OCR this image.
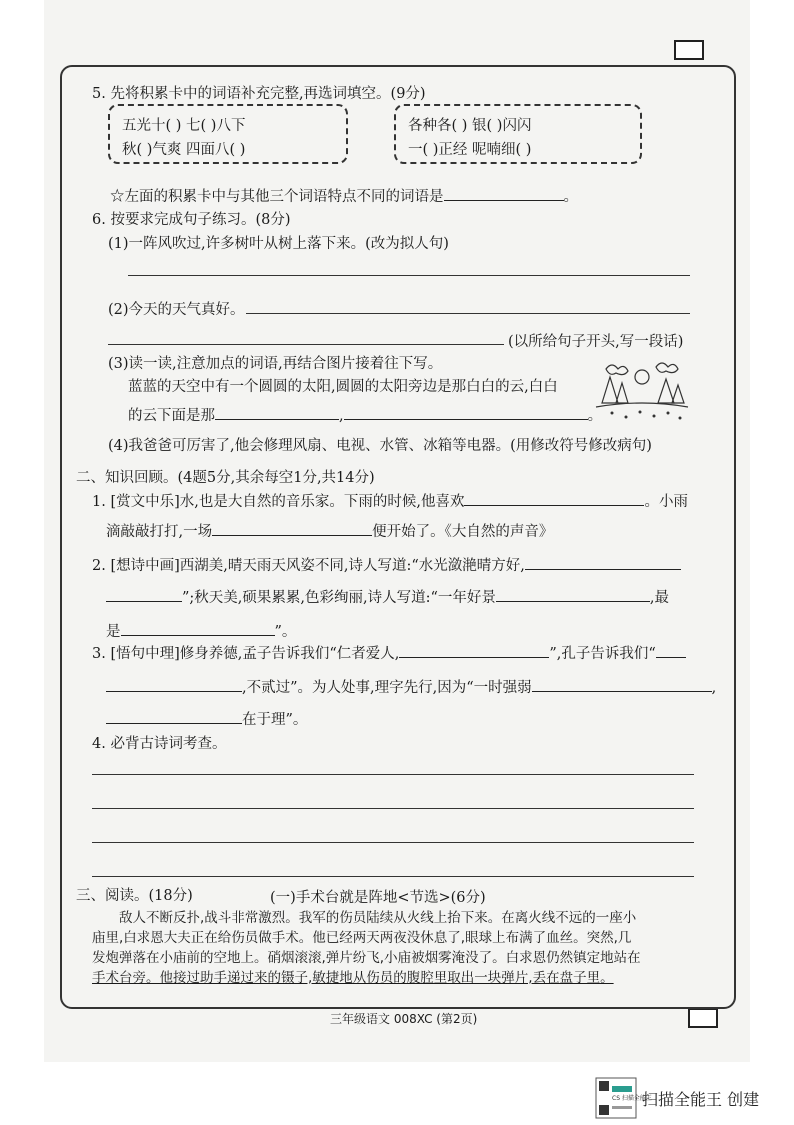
5. 先将积累卡中的词语补充完整,再选词填空。(9分)
五光十( ) 七( )八下
秋( )气爽 四面八( )
各种各( ) 银( )闪闪
一( )正经 呢喃细( )
☆左面的积累卡中与其他三个词语特点不同的词语是	。
6. 按要求完成句子练习。(8分)
(1)一阵风吹过,许多树叶从树上落下来。(改为拟人句)
(2)今天的天气真好。
(以所给句子开头,写一段话)
(3)读一读,注意加点的词语,再结合图片接着往下写。
蓝蓝的天空中有一个圆圆的太阳,圆圆的太阳旁边是那白白的云,白白
的云下面是那	,	。
(4)我爸爸可厉害了,他会修理风扇、电视、水管、冰箱等电器。(用修改符号修改病句)
二、知识回顾。(4题5分,其余每空1分,共14分)
1. [赏文中乐]水,也是大自然的音乐家。下雨的时候,他喜欢	。小雨
滴敲敲打打,一场	便开始了。《大自然的声音》
2. [想诗中画]西湖美,晴天雨天风姿不同,诗人写道:“水光潋滟晴方好,
”;秋天美,硕果累累,色彩绚丽,诗人写道:“一年好景	,最
是	”。
3. [悟句中理]修身养德,孟子告诉我们“仁者爱人,	”,孔子告诉我们“
,不贰过”。为人处事,理字先行,因为“一时强弱	,
在于理”。
4. 必背古诗词考查。
三、阅读。(18分)	(一)手术台就是阵地<节选>(6分)
敌人不断反扑,战斗非常激烈。我军的伤员陆续从火线上抬下来。在离火线不远的一座小
庙里,白求恩大夫正在给伤员做手术。他已经两天两夜没休息了,眼球上布满了血丝。突然,几
发炮弹落在小庙前的空地上。硝烟滚滚,弹片纷飞,小庙被烟雾淹没了。白求恩仍然镇定地站在
手术台旁。他接过助手递过来的镊子,敏捷地从伤员的腹腔里取出一块弹片,丢在盘子里。
三年级语文 008XC (第2页)
CS 扫描全能王
扫描全能王 创建
